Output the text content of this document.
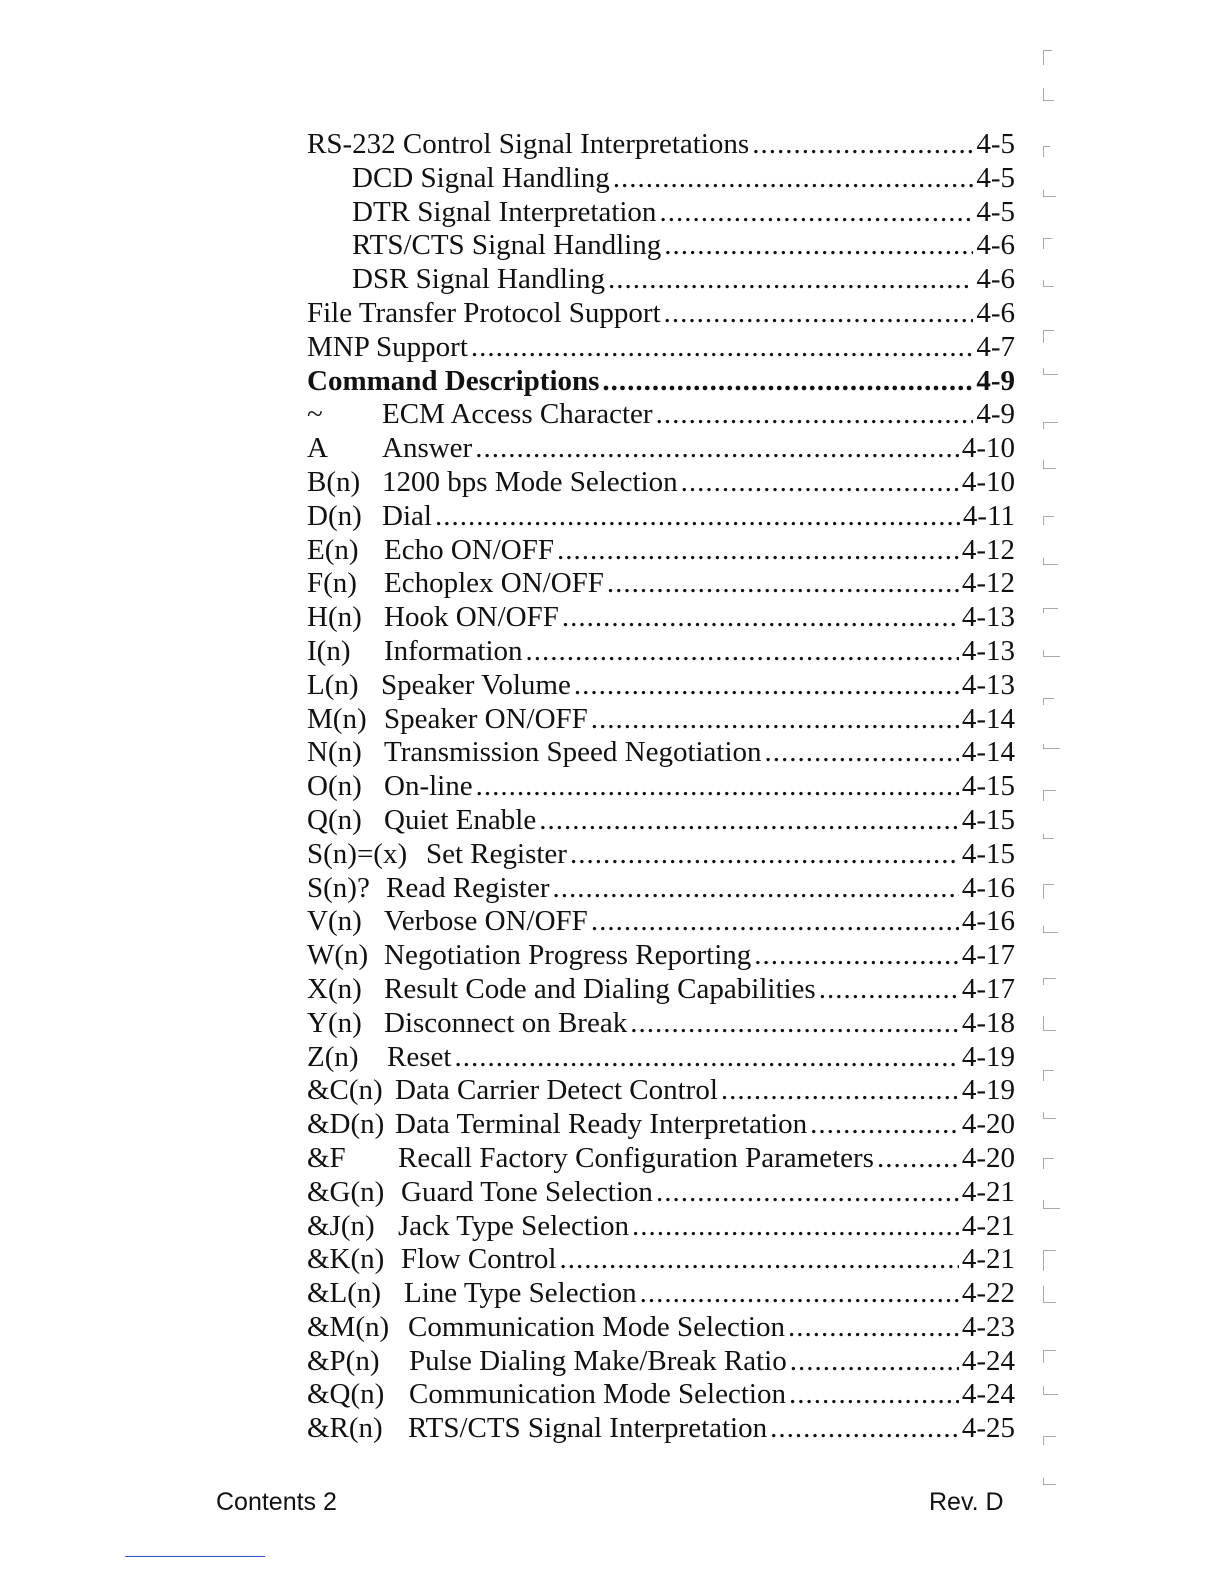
RS-232 Control Signal Interpretations .....	4-5
DCD Signal Handling .....	4-5
DTR Signal Interpretation .....	4-5
RTS/CTS Signal Handling .....	4-6
DSR Signal Handling .....	4-6
File Transfer Protocol Support .....	4-6
MNP Support .....	4-7
Command Descriptions .....	4-9
~	ECM Access Character .....	4-9
A	Answer .....	4-10
B(n) 1200 bps Mode Selection .....	4-10
D(n) Dial .....	4-11
E(n) Echo ON/OFF .....	4-12
F(n) Echoplex ON/OFF .....	4-12
H(n) Hook ON/OFF .....	4-13
I(n)	Information .....	4-13
L(n) Speaker Volume .....	4-13
M(n) Speaker ON/OFF .....	4-14
N(n) Transmission Speed Negotiation .....	4-14
O(n) On-line .....	4-15
Q(n) Quiet Enable .....	4-15
S(n)=(x) Set Register .....	4-15
S(n)? Read Register .....	4-16
V(n) Verbose ON/OFF .....	4-16
W(n) Negotiation Progress Reporting .....	4-17
X(n) Result Code and Dialing Capabilities .....	4-17
Y(n) Disconnect on Break .....	4-18
Z(n) Reset .....	4-19
&C(n) Data Carrier Detect Control .....	4-19
&D(n) Data Terminal Ready Interpretation .....	4-20
&F	Recall Factory Configuration Parameters .....	4-20
&G(n) Guard Tone Selection .....	4-21
&J(n) Jack Type Selection .....	4-21
&K(n) Flow Control .....	4-21
&L(n) Line Type Selection .....	4-22
&M(n) Communication Mode Selection .....	4-23
&P(n)	Pulse Dialing Make/Break Ratio .....	4-24
&Q(n) Communication Mode Selection .....	4-24
&R(n) RTS/CTS Signal Interpretation .....	4-25
Contents 2	Rev. D
